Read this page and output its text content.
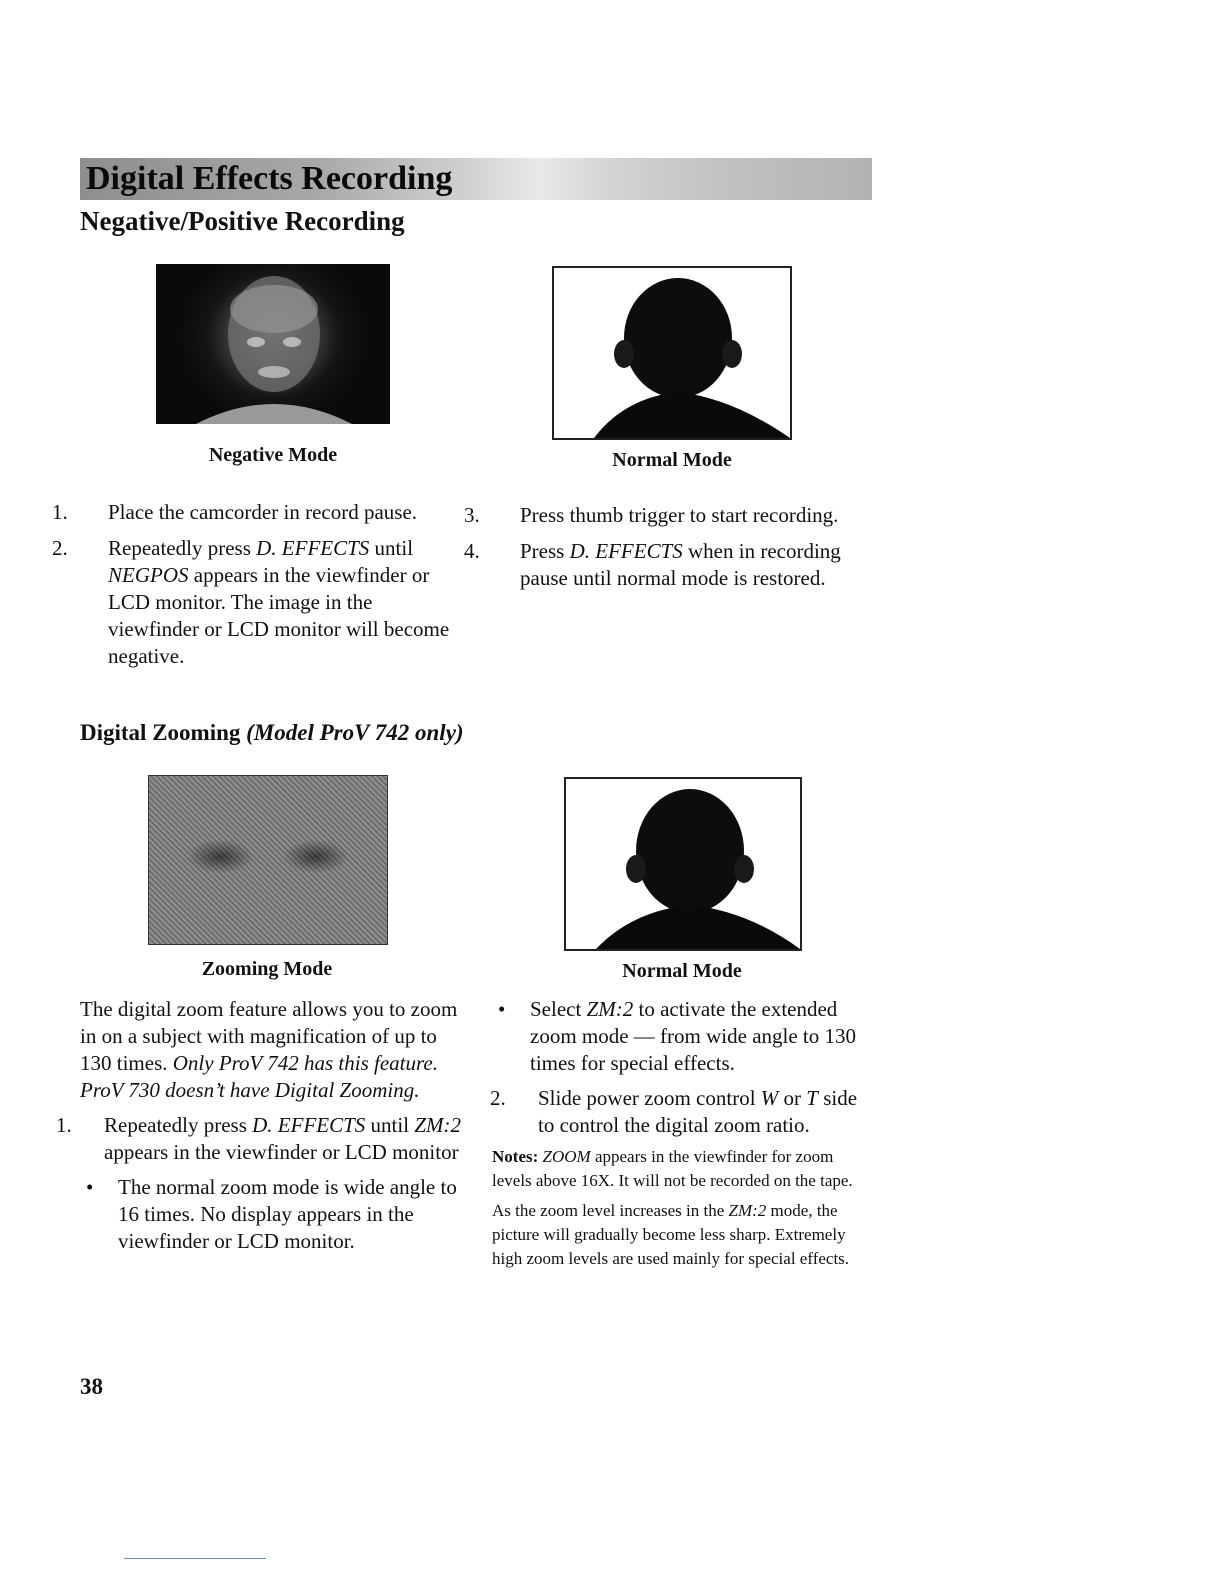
Digital Effects Recording
Negative/Positive Recording
Negative Mode	Normal Mode
1. Place the camcorder in record pause.
2. Repeatedly press D. EFFECTS until NEGPOS appears in the viewfinder or LCD monitor. The image in the viewfinder or LCD monitor will become negative.
3. Press thumb trigger to start recording.
4. Press D. EFFECTS when in recording pause until normal mode is restored.
Digital Zooming (Model ProV 742 only)
Zooming Mode	Normal Mode
The digital zoom feature allows you to zoom in on a subject with magnification of up to 130 times. Only ProV 742 has this feature. ProV 730 doesn’t have Digital Zooming.
1. Repeatedly press D. EFFECTS until ZM:2 appears in the viewfinder or LCD monitor
• The normal zoom mode is wide angle to 16 times. No display appears in the viewfinder or LCD monitor.
• Select ZM:2 to activate the extended zoom mode — from wide angle to 130 times for special effects.
2. Slide power zoom control W or T side to control the digital zoom ratio.
Notes: ZOOM appears in the viewfinder for zoom levels above 16X. It will not be recorded on the tape.
As the zoom level increases in the ZM:2 mode, the picture will gradually become less sharp. Extremely high zoom levels are used mainly for special effects.
38
